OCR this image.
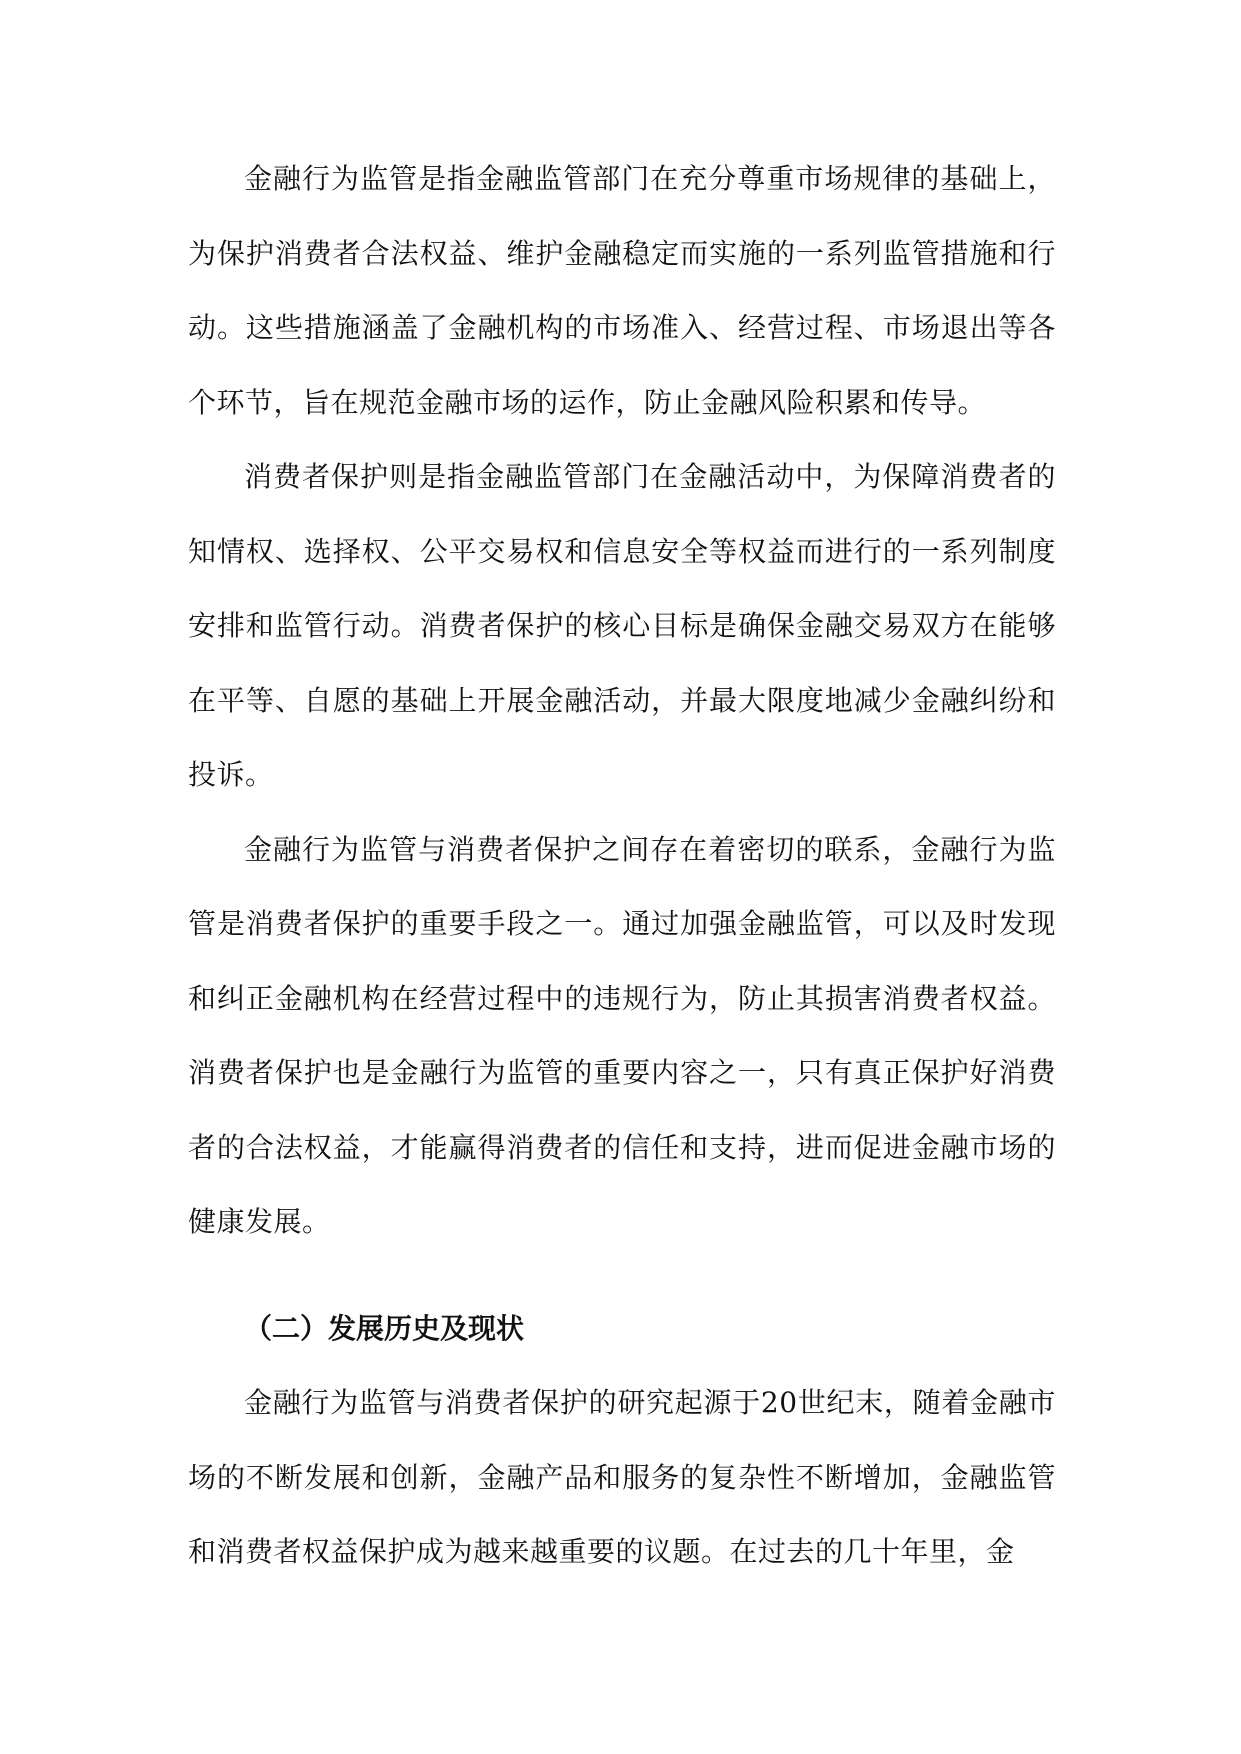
金融行为监管是指金融监管部门在充分尊重市场规律的基础上，为保护消费者合法权益、维护金融稳定而实施的一系列监管措施和行动。这些措施涵盖了金融机构的市场准入、经营过程、市场退出等各个环节，旨在规范金融市场的运作，防止金融风险积累和传导。

消费者保护则是指金融监管部门在金融活动中，为保障消费者的知情权、选择权、公平交易权和信息安全等权益而进行的一系列制度安排和监管行动。消费者保护的核心目标是确保金融交易双方在能够在平等、自愿的基础上开展金融活动，并最大限度地减少金融纠纷和投诉。

金融行为监管与消费者保护之间存在着密切的联系，金融行为监管是消费者保护的重要手段之一。通过加强金融监管，可以及时发现和纠正金融机构在经营过程中的违规行为，防止其损害消费者权益。消费者保护也是金融行为监管的重要内容之一，只有真正保护好消费者的合法权益，才能赢得消费者的信任和支持，进而促进金融市场的健康发展。

（二）发展历史及现状

金融行为监管与消费者保护的研究起源于20世纪末，随着金融市场的不断发展和创新，金融产品和服务的复杂性不断增加，金融监管和消费者权益保护成为越来越重要的议题。在过去的几十年里，金
